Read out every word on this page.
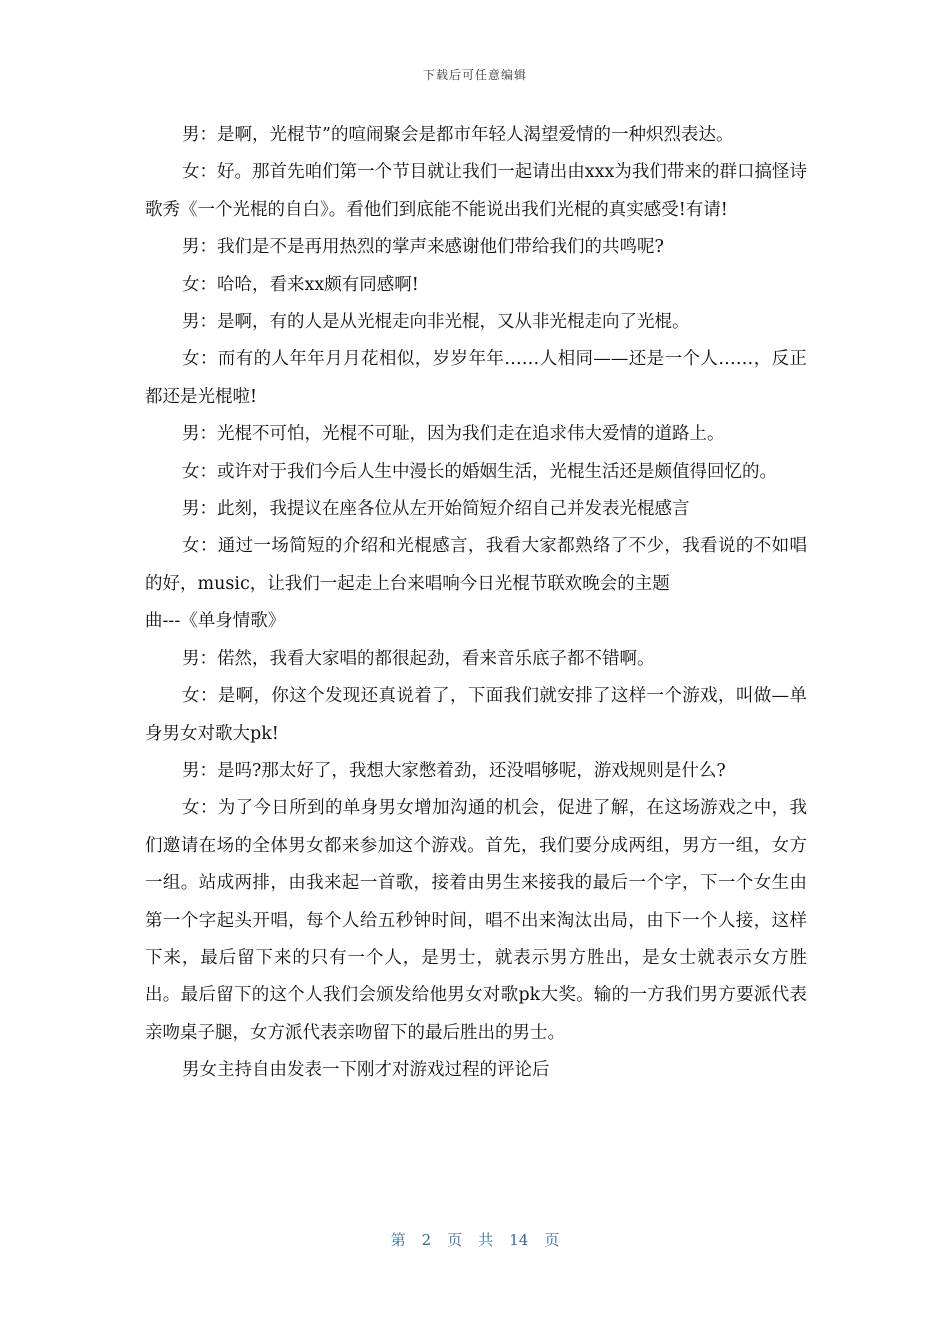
下载后可任意编辑

男：是啊，光棍节”的喧闹聚会是都市年轻人渴望爱情的一种炽烈表达。

女：好。那首先咱们第一个节目就让我们一起请出由xxx为我们带来的群口搞怪诗歌秀《一个光棍的自白》。看他们到底能不能说出我们光棍的真实感受!有请!

男：我们是不是再用热烈的掌声来感谢他们带给我们的共鸣呢?

女：哈哈，看来xx颇有同感啊!

男：是啊，有的人是从光棍走向非光棍，又从非光棍走向了光棍。

女：而有的人年年月月花相似，岁岁年年……人相同——还是一个人……，反正都还是光棍啦!

男：光棍不可怕，光棍不可耻，因为我们走在追求伟大爱情的道路上。

女：或许对于我们今后人生中漫长的婚姻生活，光棍生活还是颇值得回忆的。

男：此刻，我提议在座各位从左开始简短介绍自己并发表光棍感言

女：通过一场简短的介绍和光棍感言，我看大家都熟络了不少，我看说的不如唱的好，music，让我们一起走上台来唱响今日光棍节联欢晚会的主题

曲---《单身情歌》

男：偌然，我看大家唱的都很起劲，看来音乐底子都不错啊。

女：是啊，你这个发现还真说着了，下面我们就安排了这样一个游戏，叫做—单身男女对歌大pk!

男：是吗?那太好了，我想大家憋着劲，还没唱够呢，游戏规则是什么?

女：为了今日所到的单身男女增加沟通的机会，促进了解，在这场游戏之中，我们邀请在场的全体男女都来参加这个游戏。首先，我们要分成两组，男方一组，女方一组。站成两排，由我来起一首歌，接着由男生来接我的最后一个字，下一个女生由第一个字起头开唱，每个人给五秒钟时间，唱不出来淘汰出局，由下一个人接，这样下来，最后留下来的只有一个人，是男士，就表示男方胜出，是女士就表示女方胜出。最后留下的这个人我们会颁发给他男女对歌pk大奖。输的一方我们男方要派代表亲吻桌子腿，女方派代表亲吻留下的最后胜出的男士。

男女主持自由发表一下刚才对游戏过程的评论后

第 2 页 共 14 页
